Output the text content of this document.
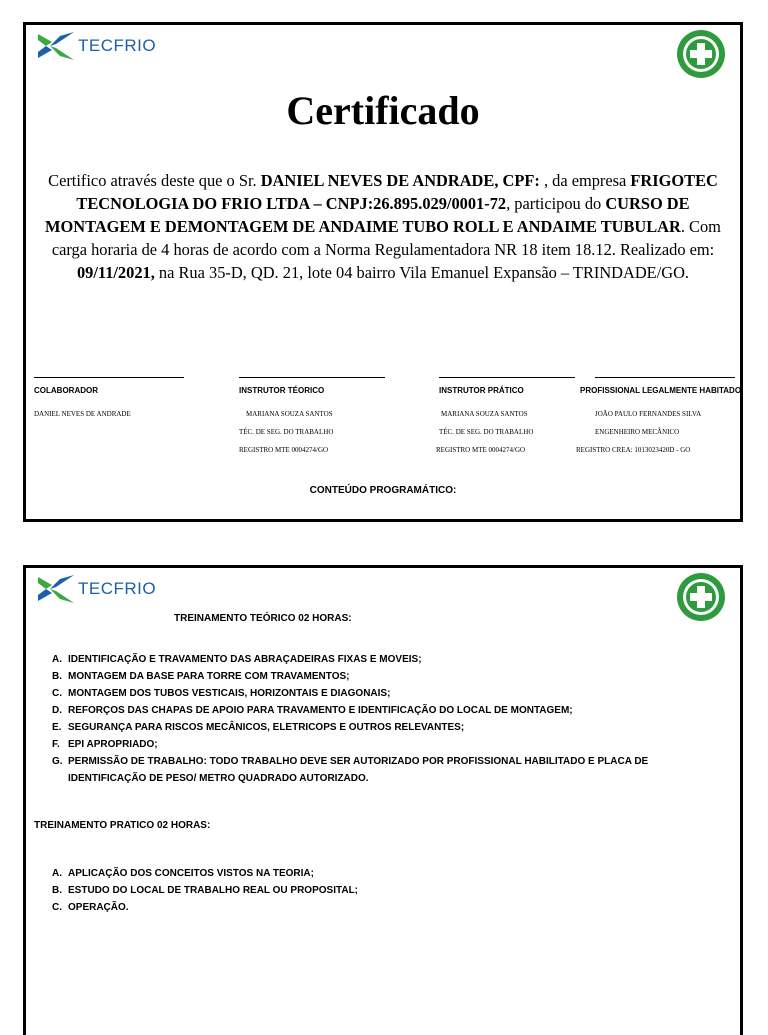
TECFRIO
Certificado
Certifico através deste que o Sr. DANIEL NEVES DE ANDRADE, CPF: , da empresa FRIGOTEC TECNOLOGIA DO FRIO LTDA – CNPJ:26.895.029/0001-72, participou do CURSO DE MONTAGEM E DEMONTAGEM DE ANDAIME TUBO ROLL E ANDAIME TUBULAR. Com carga horaria de 4 horas de acordo com a Norma Regulamentadora NR 18 item 18.12. Realizado em: 09/11/2021, na Rua 35-D, QD. 21, lote 04 bairro Vila Emanuel Expansão – TRINDADE/GO.
COLABORADOR
DANIEL NEVES DE ANDRADE
INSTRUTOR TÉORICO
MARIANA SOUZA SANTOS
TÉC. DE SEG. DO TRABALHO
REGISTRO MTE 0004274/GO
INSTRUTOR PRÁTICO
MARIANA SOUZA SANTOS
TÉC. DE SEG. DO TRABALHO
REGISTRO MTE 0004274/GO
PROFISSIONAL LEGALMENTE HABITADO
JOÃO PAULO FERNANDES SILVA
ENGENHEIRO MECÂNICO
REGISTRO CREA: 1013023420D - GO
CONTEÚDO PROGRAMÁTICO:
TECFRIO
TREINAMENTO TEÓRICO 02 HORAS:
A. IDENTIFICAÇÃO E TRAVAMENTO DAS ABRAÇADEIRAS FIXAS E MOVEIS;
B. MONTAGEM DA BASE PARA TORRE COM TRAVAMENTOS;
C. MONTAGEM DOS TUBOS VESTICAIS, HORIZONTAIS E DIAGONAIS;
D. REFORÇOS DAS CHAPAS DE APOIO PARA TRAVAMENTO E IDENTIFICAÇÃO DO LOCAL DE MONTAGEM;
E. SEGURANÇA PARA RISCOS MECÂNICOS, ELETRICOPS E OUTROS RELEVANTES;
F. EPI APROPRIADO;
G. PERMISSÃO DE TRABALHO: TODO TRABALHO DEVE SER AUTORIZADO POR PROFISSIONAL HABILITADO E PLACA DE IDENTIFICAÇÃO DE PESO/ METRO QUADRADO AUTORIZADO.
TREINAMENTO PRATICO 02 HORAS:
A. APLICAÇÃO DOS CONCEITOS VISTOS NA TEORIA;
B. ESTUDO DO LOCAL DE TRABALHO REAL OU PROPOSITAL;
C. OPERAÇÃO.
